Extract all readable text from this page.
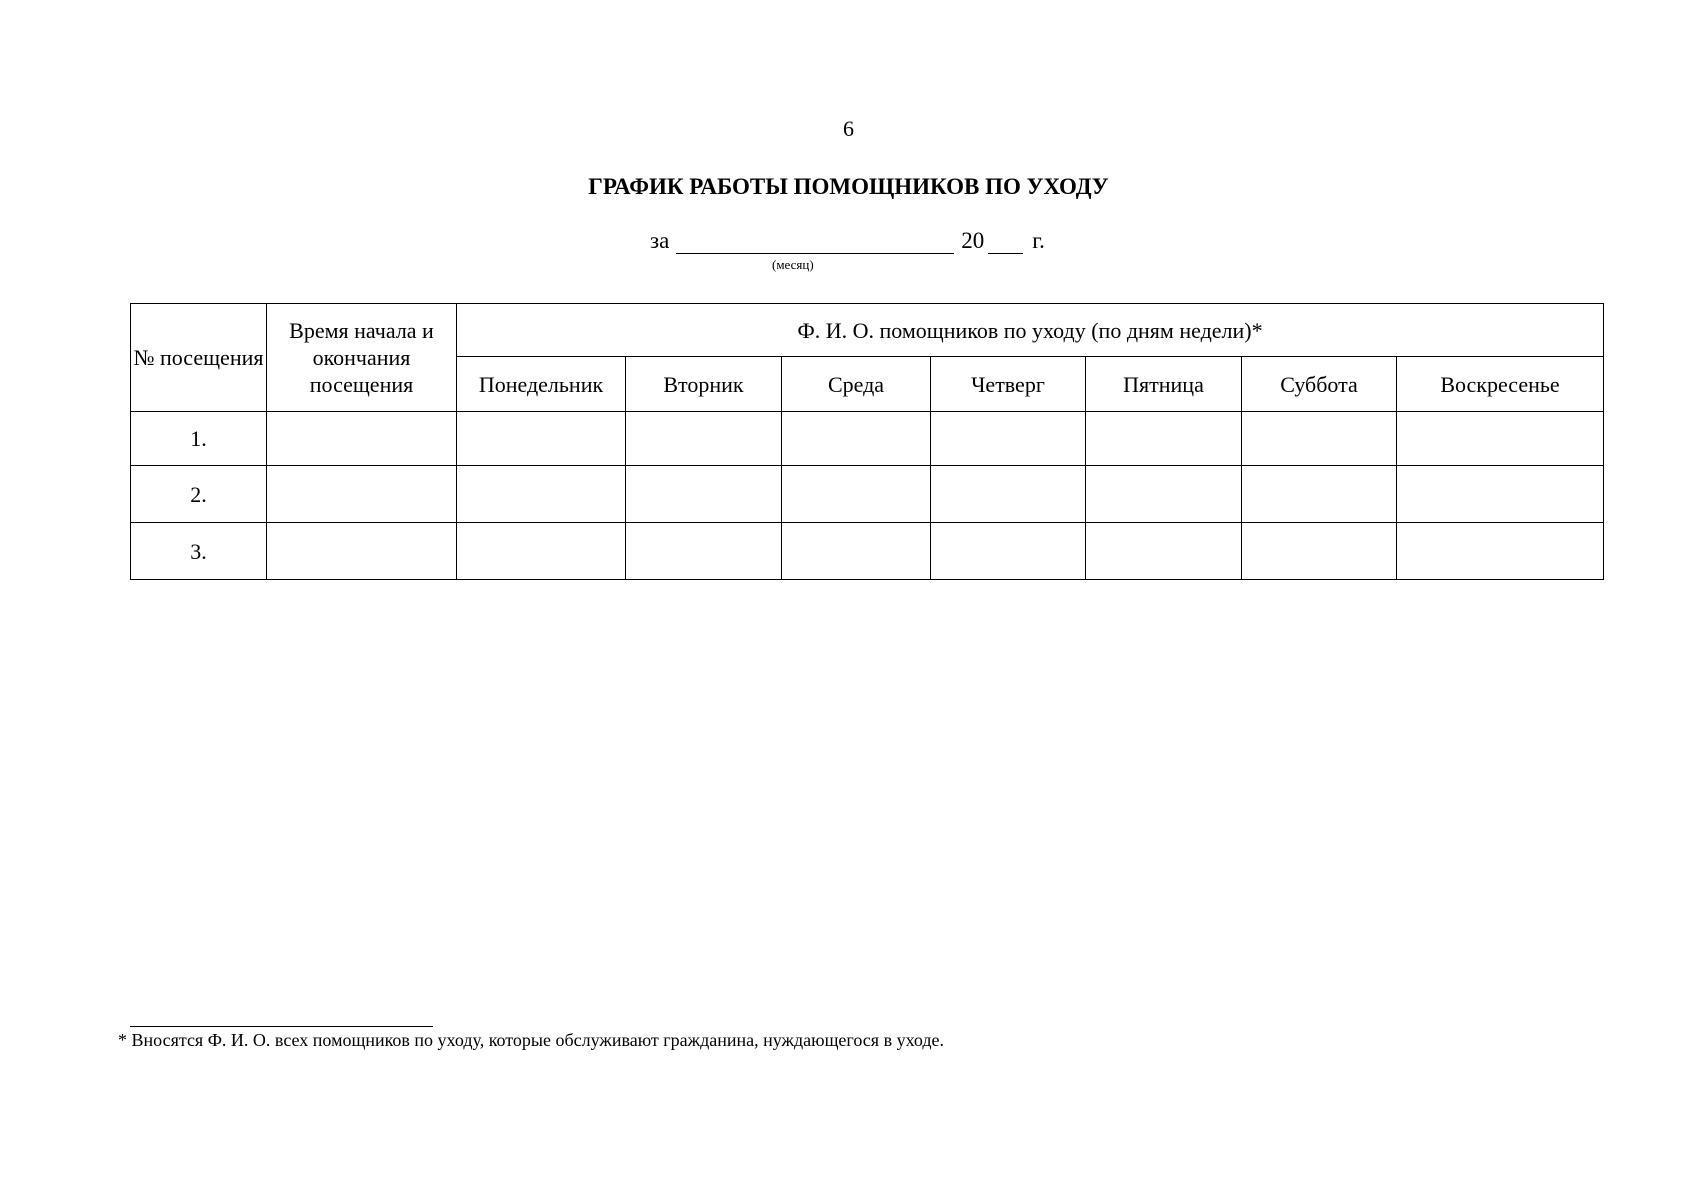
6
ГРАФИК РАБОТЫ ПОМОЩНИКОВ ПО УХОДУ
за	20 г.
(месяц)
№ посещения	Время начала и окончания посещения	Ф. И. О. помощников по уходу (по дням недели)*						
		Понедельник	Вторник	Среда	Четверг	Пятница	Суббота	Воскресенье
1.								
2.								
3.								
* Вносятся Ф. И. О. всех помощников по уходу, которые обслуживают гражданина, нуждающегося в уходе.
